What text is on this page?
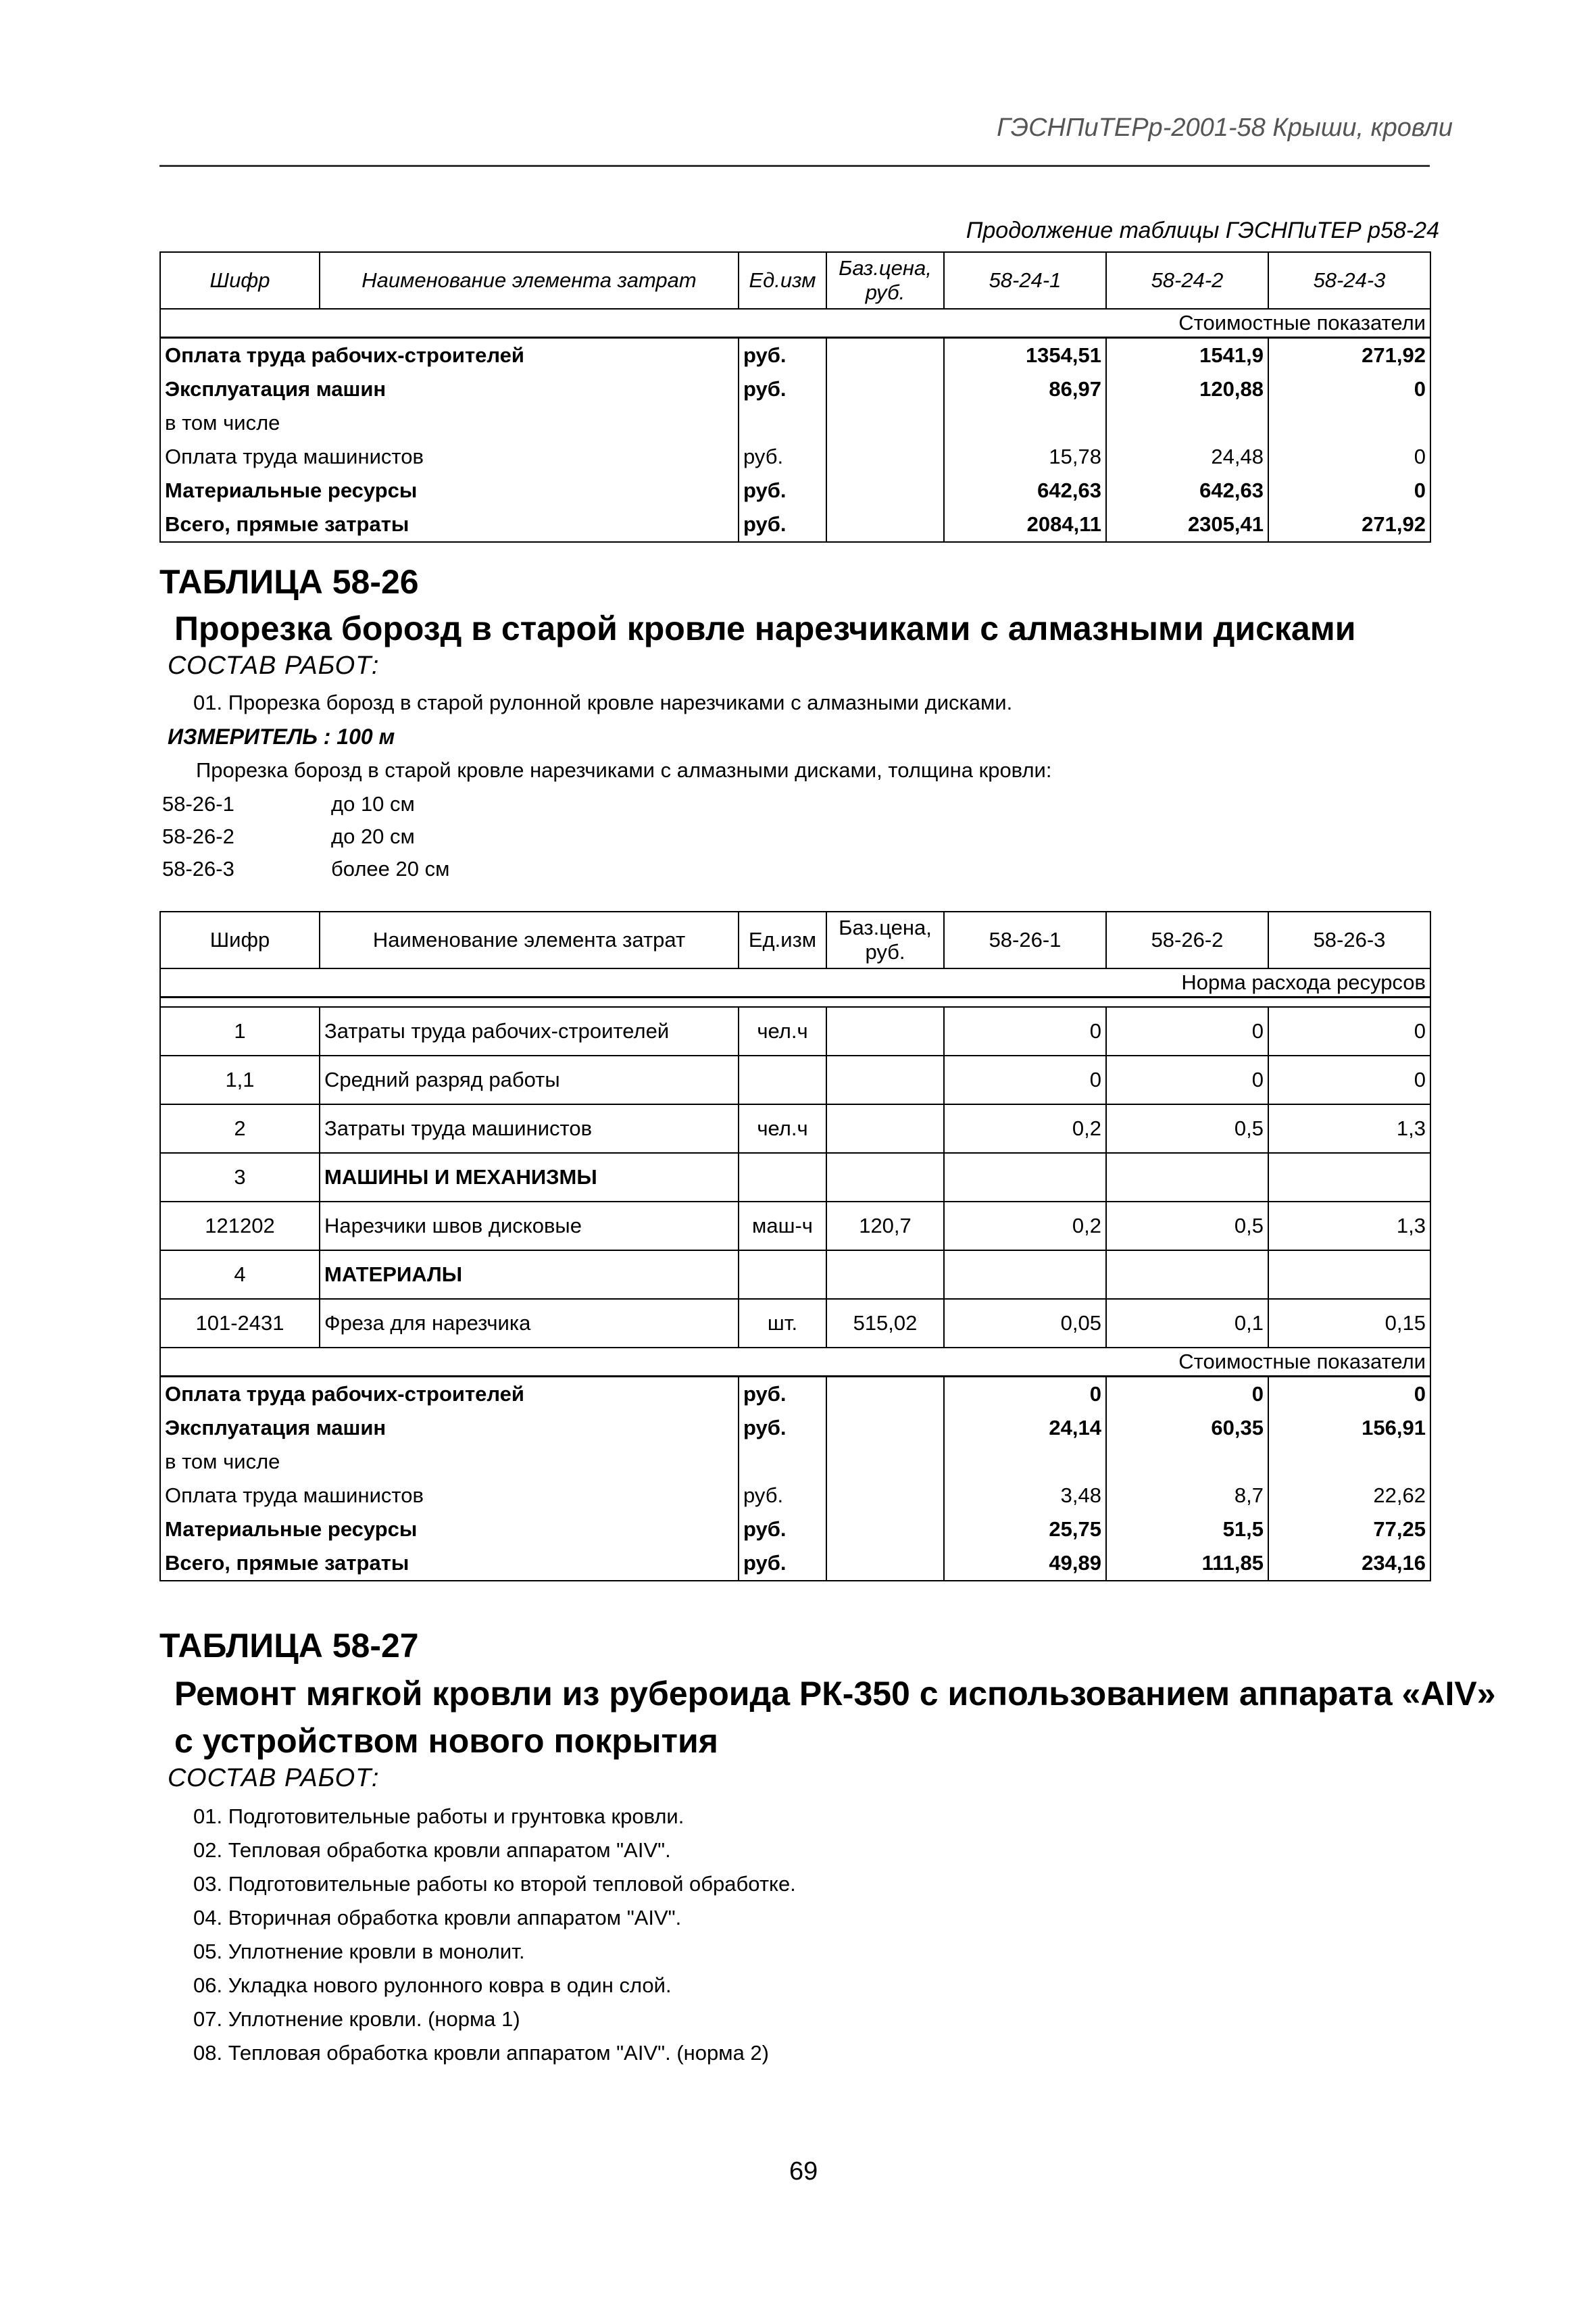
ГЭСНПиТЕРр-2001-58 Крыши, кровли
Продолжение таблицы ГЭСНПиТЕР р58-24
Шифр	Наименование элемента затрат	Ед.изм	Баз.цена, руб.	58-24-1	58-24-2	58-24-3
Стоимостные показатели						
Оплата труда рабочих-строителей		руб.		1354,51	1541,9	271,92
Эксплуатация машин		руб.		86,97	120,88	0
в том числе						
Оплата труда машинистов		руб.		15,78	24,48	0
Материальные ресурсы		руб.		642,63	642,63	0
Всего, прямые затраты		руб.		2084,11	2305,41	271,92
ТАБЛИЦА 58-26
Прорезка борозд в старой кровле нарезчиками с алмазными дисками
СОСТАВ РАБОТ:
01. Прорезка борозд в старой рулонной кровле нарезчиками с алмазными дисками.
ИЗМЕРИТЕЛЬ : 100 м
Прорезка борозд в старой кровле нарезчиками с алмазными дисками, толщина кровли:
58-26-1	до 10 см
58-26-2	до 20 см
58-26-3	более 20 см
Шифр	Наименование элемента затрат	Ед.изм	Баз.цена, руб.	58-26-1	58-26-2	58-26-3
Норма расхода ресурсов						

1	Затраты труда рабочих-строителей	чел.ч		0	0	0
1,1	Средний разряд работы			0	0	0
2	Затраты труда машинистов	чел.ч		0,2	0,5	1,3
3	МАШИНЫ И МЕХАНИЗМЫ					
121202	Нарезчики швов дисковые	маш-ч	120,7	0,2	0,5	1,3
4	МАТЕРИАЛЫ					
101-2431	Фреза для нарезчика	шт.	515,02	0,05	0,1	0,15
Стоимостные показатели						
Оплата труда рабочих-строителей		руб.		0	0	0
Эксплуатация машин		руб.		24,14	60,35	156,91
в том числе						
Оплата труда машинистов		руб.		3,48	8,7	22,62
Материальные ресурсы		руб.		25,75	51,5	77,25
Всего, прямые затраты		руб.		49,89	111,85	234,16
ТАБЛИЦА 58-27
Ремонт мягкой кровли из рубероида РК-350 с использованием аппарата «AIV»
с устройством нового покрытия
СОСТАВ РАБОТ:
01. Подготовительные работы и грунтовка кровли.
02. Тепловая обработка кровли аппаратом "AIV".
03. Подготовительные работы ко второй тепловой обработке.
04. Вторичная обработка кровли аппаратом "AIV".
05. Уплотнение кровли в монолит.
06. Укладка нового рулонного ковра в один слой.
07. Уплотнение кровли. (норма 1)
08. Тепловая обработка кровли аппаратом "AIV". (норма 2)
69
